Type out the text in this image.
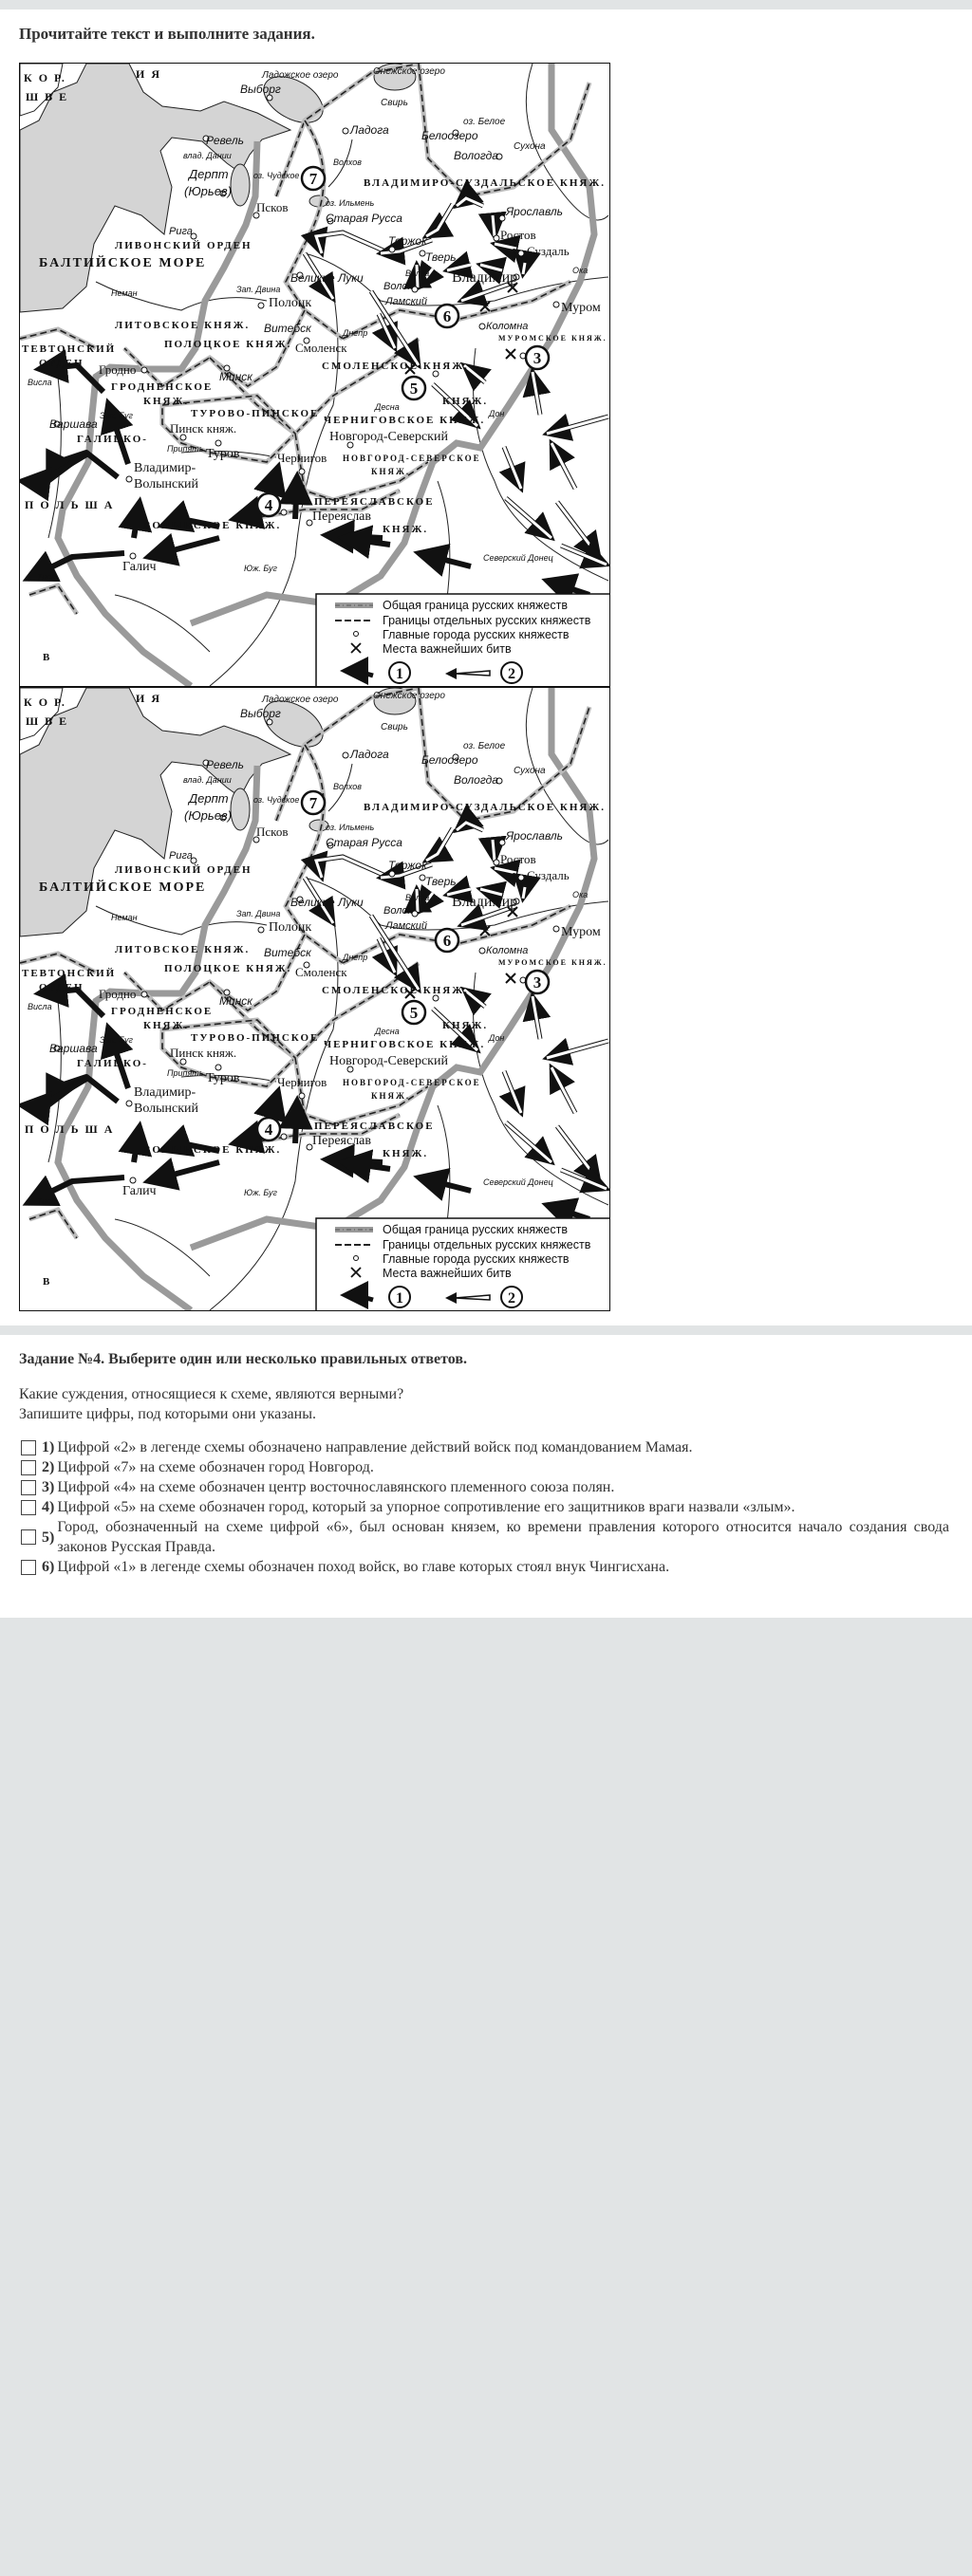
Прочитайте текст и выполните задания.
Общая граница русских княжеств
Границы отдельных русских княжеств
Главные города русских княжеств
Места важнейших битв
1	2
7
6
3
5
4
Владимир
Новгород-Северский
Полоцк	Муром
Владимир-
Волынский
Галич
Туров
Переяслав
Смоленск
Псков
Ростов
Суздаль
Гродно
Пинск княж.
Чернигов
Дерпт
(Юрьев)
Выборг
Ладога	Белоозеро
Вологда
Ревель
Старая Русса
Торжок
Тверь
Ярославль
Великие Луки
Витебск
Минск
Варшава
Рига
Волок-
Ламский
Коломна
К О Р.
Ш В Е
И Я
БАЛТИЙСКОЕ МОРЕ
ЛИВОНСКИЙ ОРДЕН
ВЛАДИМИРО-СУЗДАЛЬСКОЕ КНЯЖ.
МУРОМСКОЕ КНЯЖ.
ПОЛОЦКОЕ КНЯЖ.
СМОЛЕНСКОЕ КНЯЖ.
ЛИТОВСКОЕ КНЯЖ.
ТЕВТОНСКИЙ
ОРДЕН
ГРОДНЕНСКОЕ
КНЯЖ.
П О Л Ь Ш А
ТУРОВО-ПИНСКОЕ
ГАЛИЦКО-
ВОЛЫНСКОЕ КНЯЖ.
ЧЕРНИГОВСКОЕ КНЯЖ.
НОВГОРОД-СЕВЕРСКОЕ
КНЯЖ.
ПЕРЕЯСЛАВСКОЕ
КНЯЖ.
КНЯЖ.
В
Ладожское озеро	Онежское озеро
Свирь
Волхов
оз. Белое
Сухона
влад. Дании
оз. Чудское
оз. Ильмень
Волга	Ока
Зап. Двина
Днепр
Неман
Висла
Зап. Буг
Припять
Тиса
Юж. Буг
Десна
Дон
Северский Донец
Общая граница русских княжеств
Границы отдельных русских княжеств
Главные города русских княжеств
Места важнейших битв
1	2
7
6
3
5
4
Владимир
Новгород-Северский
Полоцк	Муром
Владимир-
Волынский
Галич
Туров
Переяслав
Смоленск
Псков
Ростов
Суздаль
Гродно
Пинск княж.
Чернигов
Дерпт
(Юрьев)
Выборг
Ладога	Белоозеро
Вологда
Ревель
Старая Русса
Торжок
Тверь
Ярославль
Великие Луки
Витебск
Минск
Варшава
Рига
Волок-
Ламский
Коломна
К О Р.
Ш В Е
И Я
БАЛТИЙСКОЕ МОРЕ
ЛИВОНСКИЙ ОРДЕН
ВЛАДИМИРО-СУЗДАЛЬСКОЕ КНЯЖ.
МУРОМСКОЕ КНЯЖ.
ПОЛОЦКОЕ КНЯЖ.
СМОЛЕНСКОЕ КНЯЖ.
ЛИТОВСКОЕ КНЯЖ.
ТЕВТОНСКИЙ
ОРДЕН
ГРОДНЕНСКОЕ
КНЯЖ.
П О Л Ь Ш А
ТУРОВО-ПИНСКОЕ
ГАЛИЦКО-
ВОЛЫНСКОЕ КНЯЖ.
ЧЕРНИГОВСКОЕ КНЯЖ.
НОВГОРОД-СЕВЕРСКОЕ
КНЯЖ.
ПЕРЕЯСЛАВСКОЕ
КНЯЖ.
КНЯЖ.
В
Ладожское озеро	Онежское озеро
Свирь
Волхов
оз. Белое
Сухона
влад. Дании
оз. Чудское
оз. Ильмень
Волга	Ока
Зап. Двина
Днепр
Неман
Висла
Зап. Буг
Припять
Тиса
Юж. Буг
Десна
Дон
Северский Донец
Задание №4. Выберите один или несколько правильных ответов.
Какие суждения, относящиеся к схеме, являются верными?
Запишите цифры, под которыми они указаны.
1) Цифрой «2» в легенде схемы обозначено направление действий войск под командованием Мамая.
2) Цифрой «7» на схеме обозначен город Новгород.
3) Цифрой «4» на схеме обозначен центр восточнославянского племенного союза полян.
4) Цифрой «5» на схеме обозначен город, который за упорное сопротивление его защитников враги назвали «злым».
5)
Город, обозначенный на схеме цифрой «6», был основан князем, ко времени правления которого относится начало создания свода законов Русская Правда.
6) Цифрой «1» в легенде схемы обозначен поход войск, во главе которых стоял внук Чингисхана.
